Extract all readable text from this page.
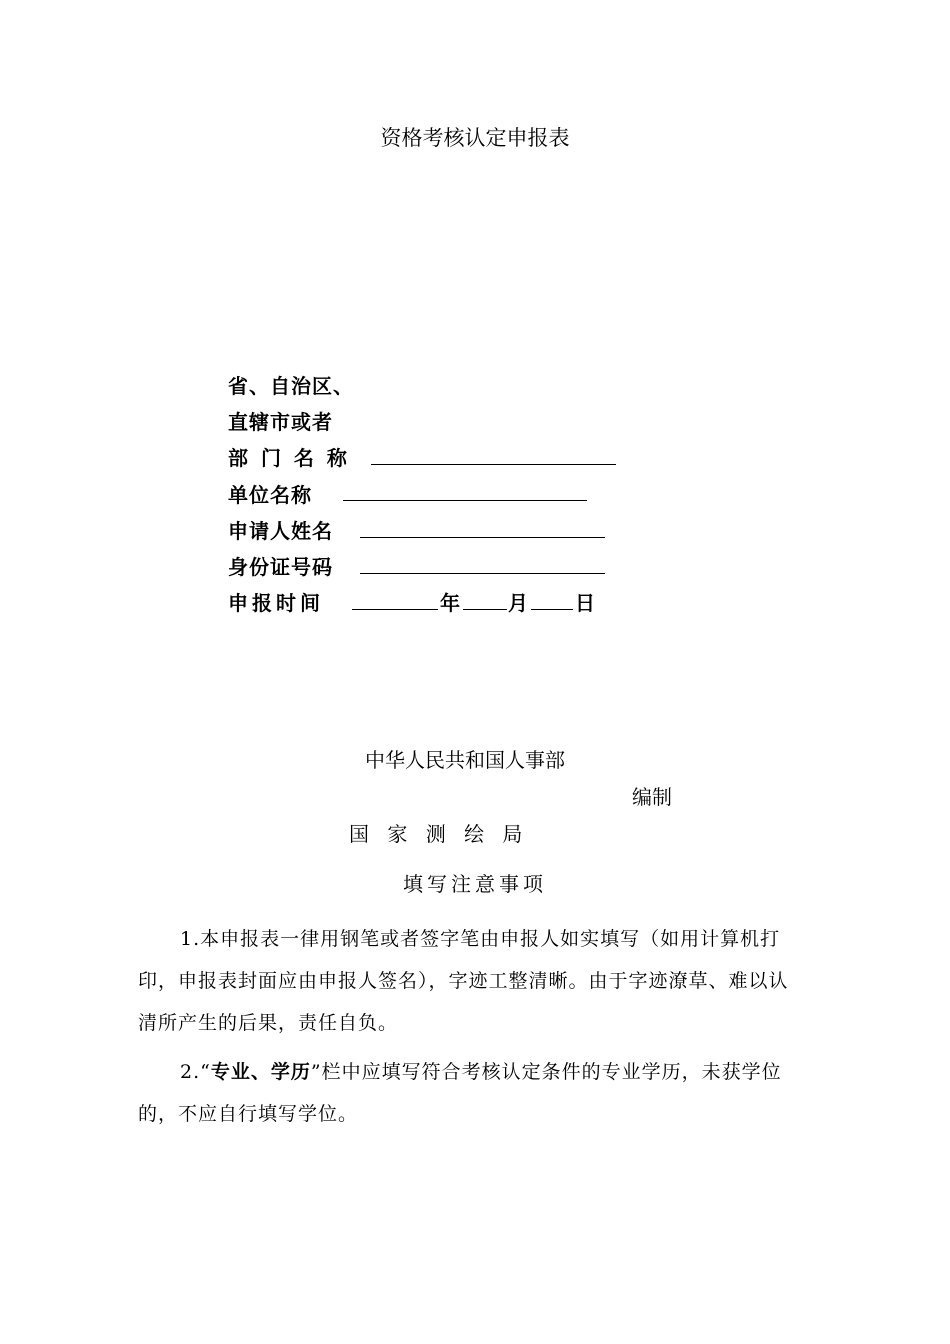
资格考核认定申报表
省、自治区、
直辖市或者
部 门 名 称
单位名称
申请人姓名
身份证号码
申报时间	年 月 日
中华人民共和国人事部
编制
国 家 测 绘 局
填写注意事项

1.本申报表一律用钢笔或者签字笔由申报人如实填写（如用计算机打印，申报表封面应由申报人签名），字迹工整清晰。由于字迹潦草、难以认清所产生的后果，责任自负。

2.“专业、学历”栏中应填写符合考核认定条件的专业学历，未获学位的，不应自行填写学位。
